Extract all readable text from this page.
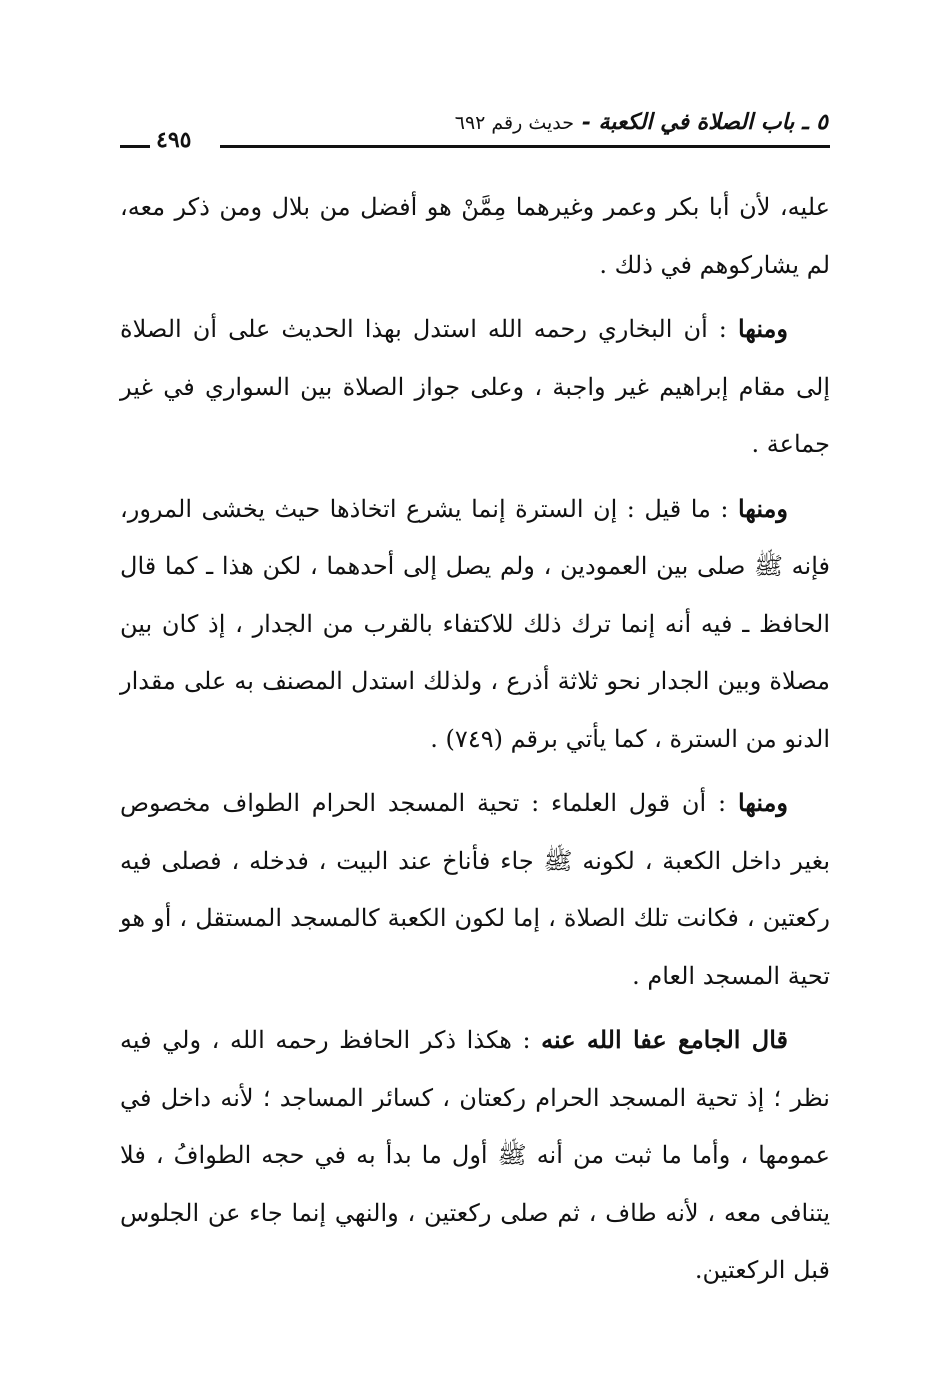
٥ ـ باب الصلاة في الكعبة - حديث رقم ٦٩٢
٤٩٥

عليه، لأن أبا بكر وعمر وغيرهما مِمَّنْ هو أفضل من بلال ومن ذكر معه، لم يشاركوهم في ذلك .

ومنها : أن البخاري رحمه الله استدل بهذا الحديث على أن الصلاة إلى مقام إبراهيم غير واجبة ، وعلى جواز الصلاة بين السواري في غير جماعة .

ومنها : ما قيل : إن السترة إنما يشرع اتخاذها حيث يخشى المرور، فإنه ﷺ صلى بين العمودين ، ولم يصل إلى أحدهما ، لكن هذا ـ كما قال الحافظ ـ فيه أنه إنما ترك ذلك للاكتفاء بالقرب من الجدار ، إذ كان بين مصلاة وبين الجدار نحو ثلاثة أذرع ، ولذلك استدل المصنف به على مقدار الدنو من السترة ، كما يأتي برقم (٧٤٩) .

ومنها : أن قول العلماء : تحية المسجد الحرام الطواف مخصوص بغير داخل الكعبة ، لكونه ﷺ جاء فأناخ عند البيت ، فدخله ، فصلى فيه ركعتين ، فكانت تلك الصلاة ، إما لكون الكعبة كالمسجد المستقل ، أو هو تحية المسجد العام .

قال الجامع عفا الله عنه : هكذا ذكر الحافظ رحمه الله ، ولي فيه نظر ؛ إذ تحية المسجد الحرام ركعتان ، كسائر المساجد ؛ لأنه داخل في عمومها ، وأما ما ثبت من أنه ﷺ أول ما بدأ به في حجه الطوافُ ، فلا يتنافى معه ، لأنه طاف ، ثم صلى ركعتين ، والنهي إنما جاء عن الجلوس قبل الركعتين.
